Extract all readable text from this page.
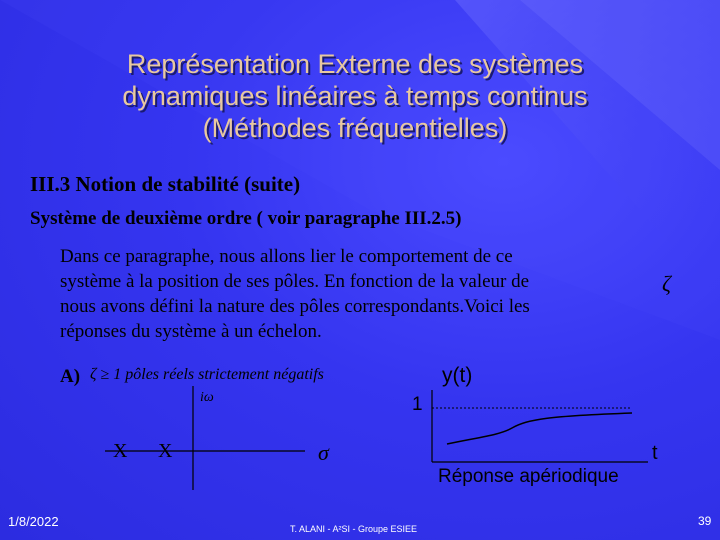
Représentation Externe des systèmes
dynamiques linéaires à temps continus
(Méthodes fréquentielles)
III.3 Notion de stabilité (suite)
Système de deuxième ordre ( voir paragraphe III.2.5)
Dans ce paragraphe, nous allons lier le comportement de ce
système à la position de ses pôles. En fonction de la valeur de
nous avons défini la nature des pôles correspondants.Voici les
réponses du système à un échelon.
ζ
A) ζ ≥ 1 pôles réels strictement négatifs
iω
σ
X X
y(t)
1
t
Réponse apériodique
1/8/2022	T. ALANI - A²SI - Groupe ESIEE
39
